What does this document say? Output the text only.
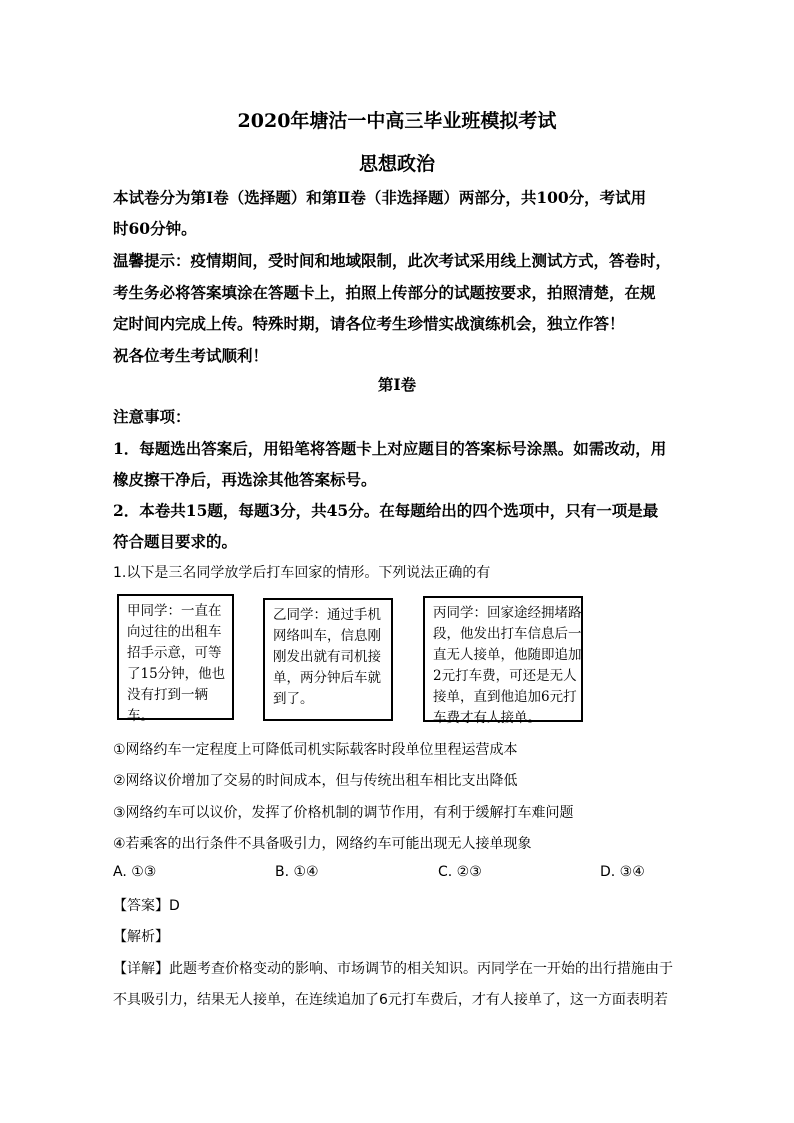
2020年塘沽一中高三毕业班模拟考试
思想政治
本试卷分为第Ⅰ卷（选择题）和第Ⅱ卷（非选择题）两部分，共100分，考试用
时60分钟。
温馨提示：疫情期间，受时间和地域限制，此次考试采用线上测试方式，答卷时，
考生务必将答案填涂在答题卡上，拍照上传部分的试题按要求，拍照清楚，在规
定时间内完成上传。特殊时期，请各位考生珍惜实战演练机会，独立作答！
祝各位考生考试顺利！
第Ⅰ卷
注意事项：
1．每题选出答案后，用铅笔将答题卡上对应题目的答案标号涂黑。如需改动，用
橡皮擦干净后，再选涂其他答案标号。
2．本卷共15题，每题3分，共45分。在每题给出的四个选项中，只有一项是最
符合题目要求的。
1.以下是三名同学放学后打车回家的情形。下列说法正确的有
甲同学：一直在
向过往的出租车
招手示意，可等
了15分钟，他也
没有打到一辆
车。
乙同学：通过手机
网络叫车，信息刚
刚发出就有司机接
单，两分钟后车就
到了。
丙同学：回家途经拥堵路
段，他发出打车信息后一
直无人接单，他随即追加
2元打车费，可还是无人
接单，直到他追加6元打
车费才有人接单。
①网络约车一定程度上可降低司机实际载客时段单位里程运营成本
②网络议价增加了交易的时间成本，但与传统出租车相比支出降低
③网络约车可以议价，发挥了价格机制的调节作用，有利于缓解打车难问题
④若乘客的出行条件不具备吸引力，网络约车可能出现无人接单现象
A. ①③	B. ①④	C. ②③	D. ③④
【答案】D
【解析】
【详解】此题考查价格变动的影响、市场调节的相关知识。丙同学在一开始的出行措施由于
不具吸引力，结果无人接单，在连续追加了6元打车费后，才有人接单了，这一方面表明若
